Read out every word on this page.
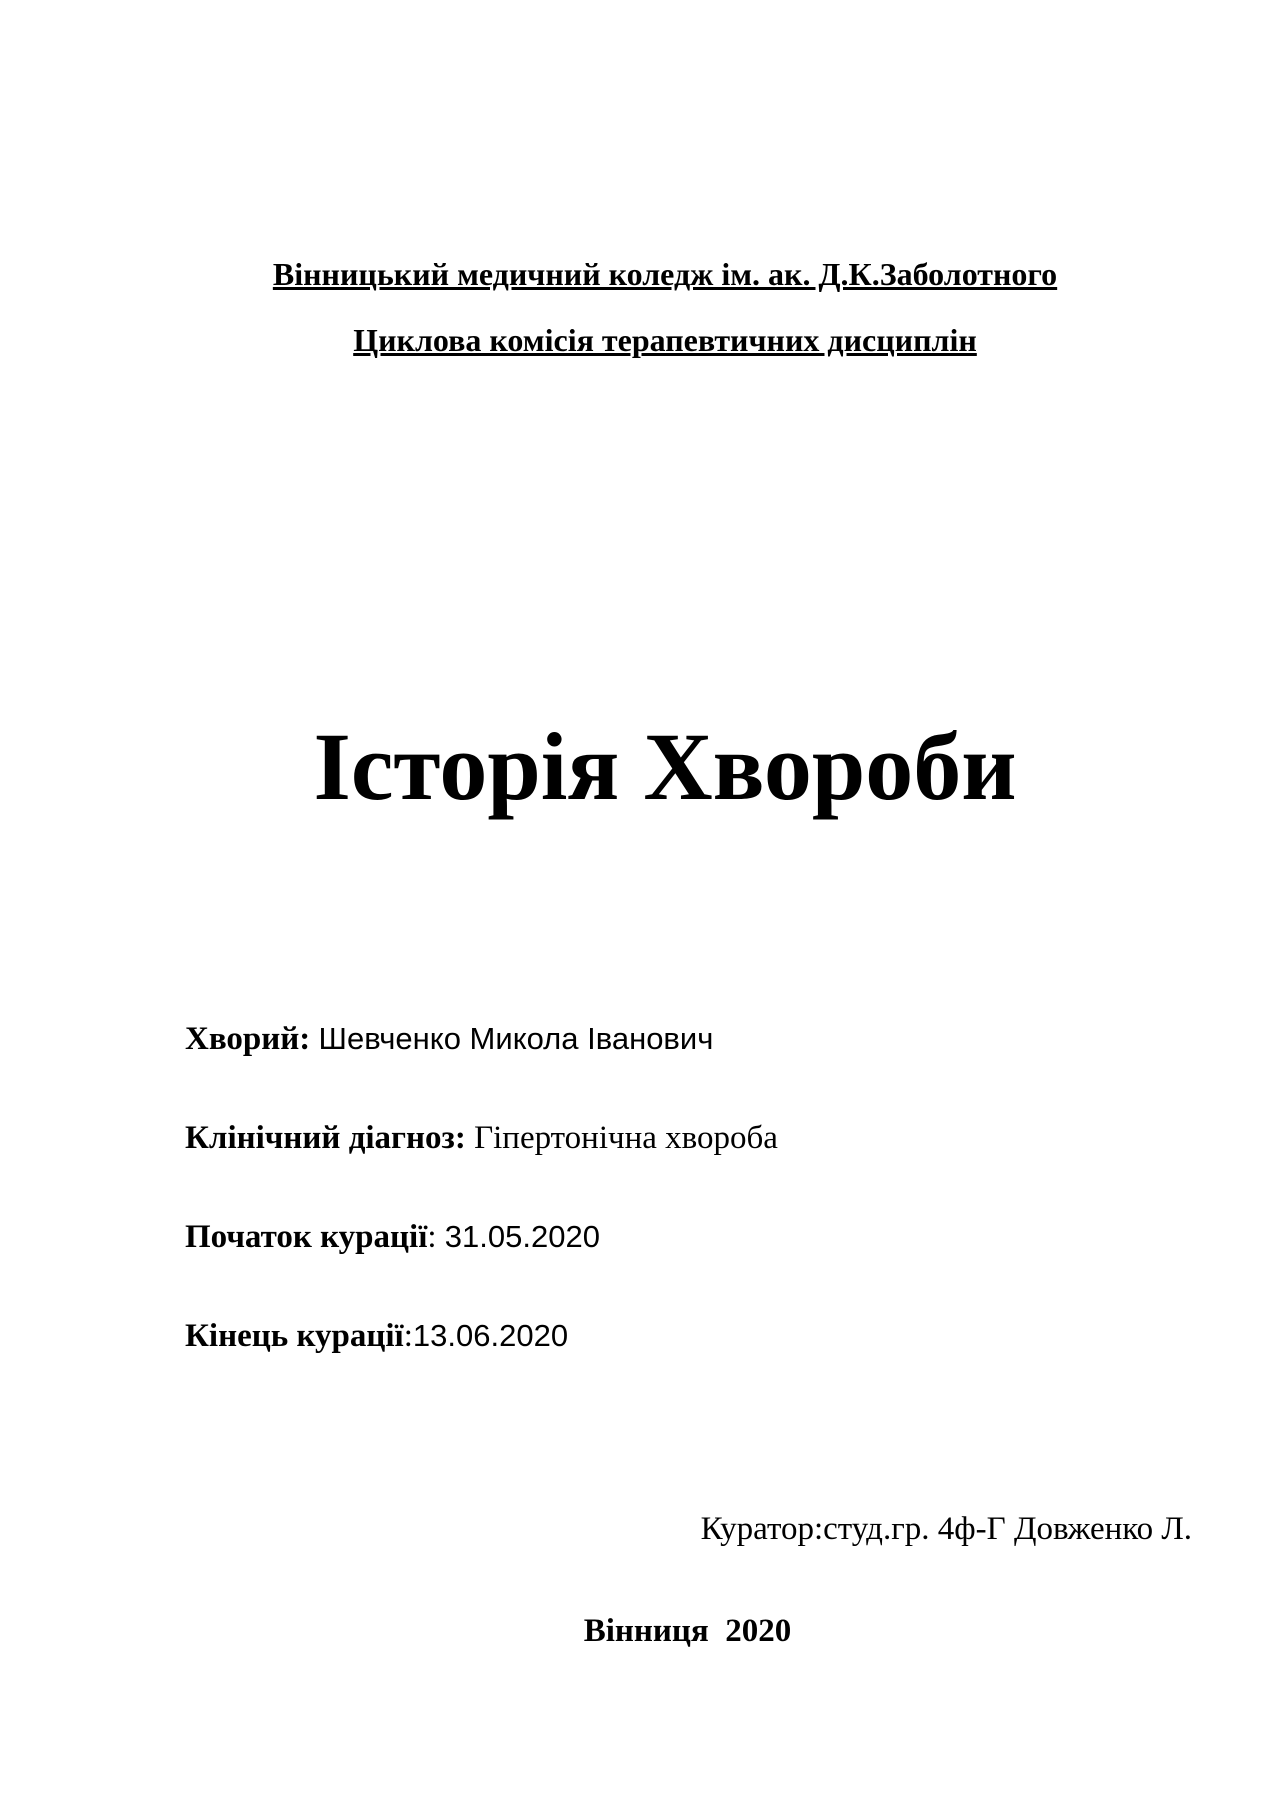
Вінницький медичний коледж ім. ак. Д.К.Заболотного
Циклова комісія терапевтичних дисциплін
Історія Хвороби
Хворий: Шевченко Микола Іванович
Клінічний діагноз: Гіпертонічна хвороба
Початок курації: 31.05.2020
Кінець курації:13.06.2020
Куратор:студ.гр. 4ф-Г Довженко Л.
Вінниця  2020
